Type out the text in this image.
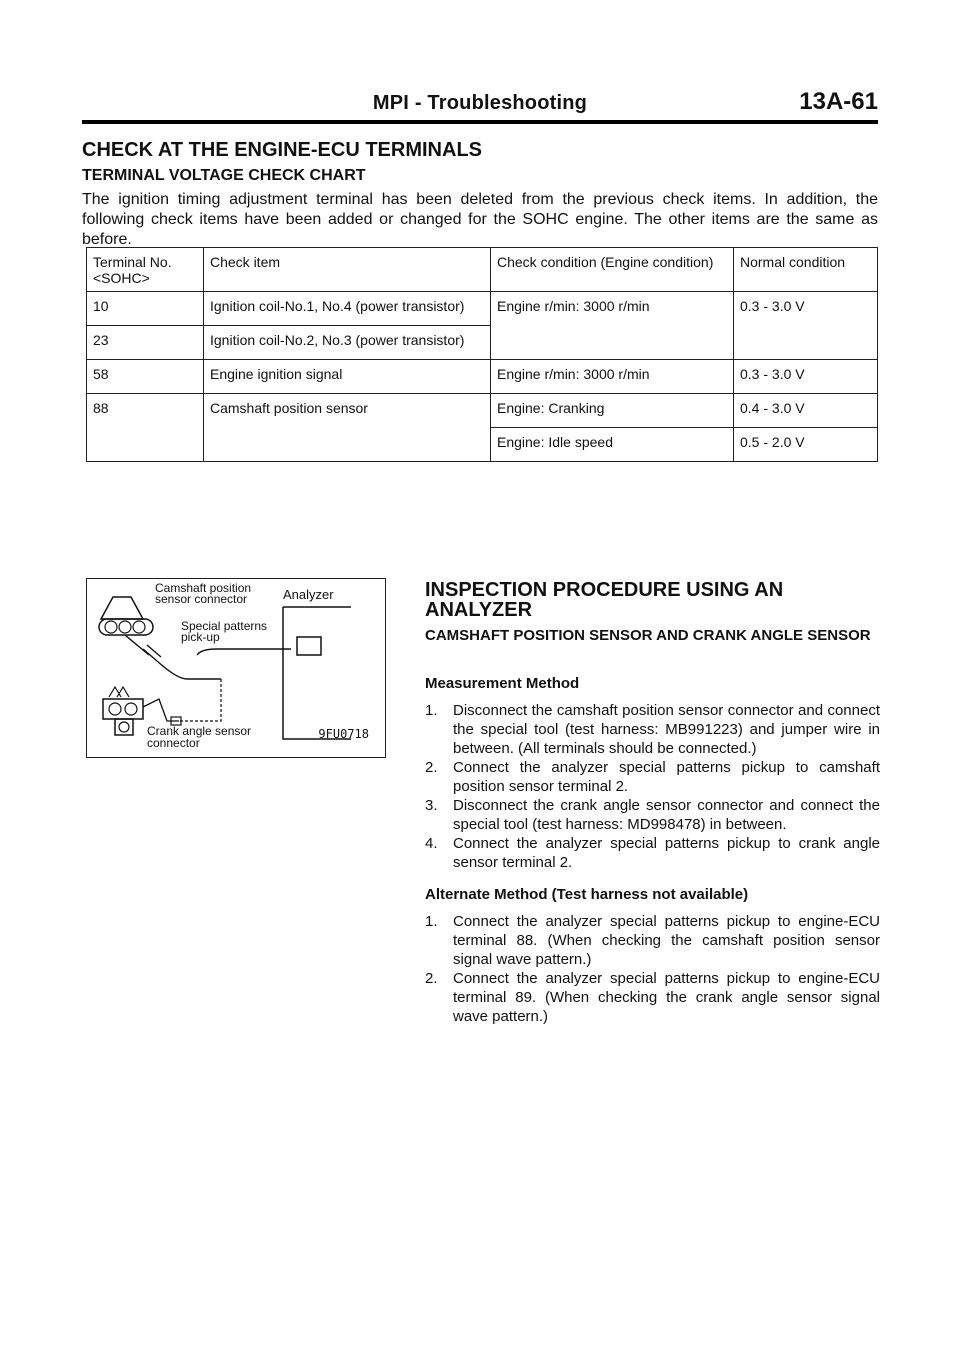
MPI - Troubleshooting	13A-61
CHECK AT THE ENGINE-ECU TERMINALS
TERMINAL VOLTAGE CHECK CHART
The ignition timing adjustment terminal has been deleted from the previous check items. In addition, the following check items have been added or changed for the SOHC engine. The other items are the same as before.
Terminal No. <SOHC>	Check item	Check condition (Engine condition)	Normal condition
10	Ignition coil-No.1, No.4 (power transistor)	Engine r/min: 3000 r/min	0.3 - 3.0 V
23	Ignition coil-No.2, No.3 (power transistor)		
58	Engine ignition signal	Engine r/min: 3000 r/min	0.3 - 3.0 V
88	Camshaft position sensor	Engine: Cranking	0.4 - 3.0 V
		Engine: Idle speed	0.5 - 2.0 V
Camshaft position sensor connector	Analyzer
Special patterns pick-up
Crank angle sensor connector
9FU0718
INSPECTION PROCEDURE USING AN ANALYZER
CAMSHAFT POSITION SENSOR AND CRANK ANGLE SENSOR
Measurement Method
1. Disconnect the camshaft position sensor connector and connect the special tool (test harness: MB991223) and jumper wire in between. (All terminals should be connected.)
2. Connect the analyzer special patterns pickup to camshaft position sensor terminal 2.
3. Disconnect the crank angle sensor connector and connect the special tool (test harness: MD998478) in between.
4. Connect the analyzer special patterns pickup to crank angle sensor terminal 2.
Alternate Method (Test harness not available)
1. Connect the analyzer special patterns pickup to engine-ECU terminal 88. (When checking the camshaft position sensor signal wave pattern.)
2. Connect the analyzer special patterns pickup to engine-ECU terminal 89. (When checking the crank angle sensor signal wave pattern.)
